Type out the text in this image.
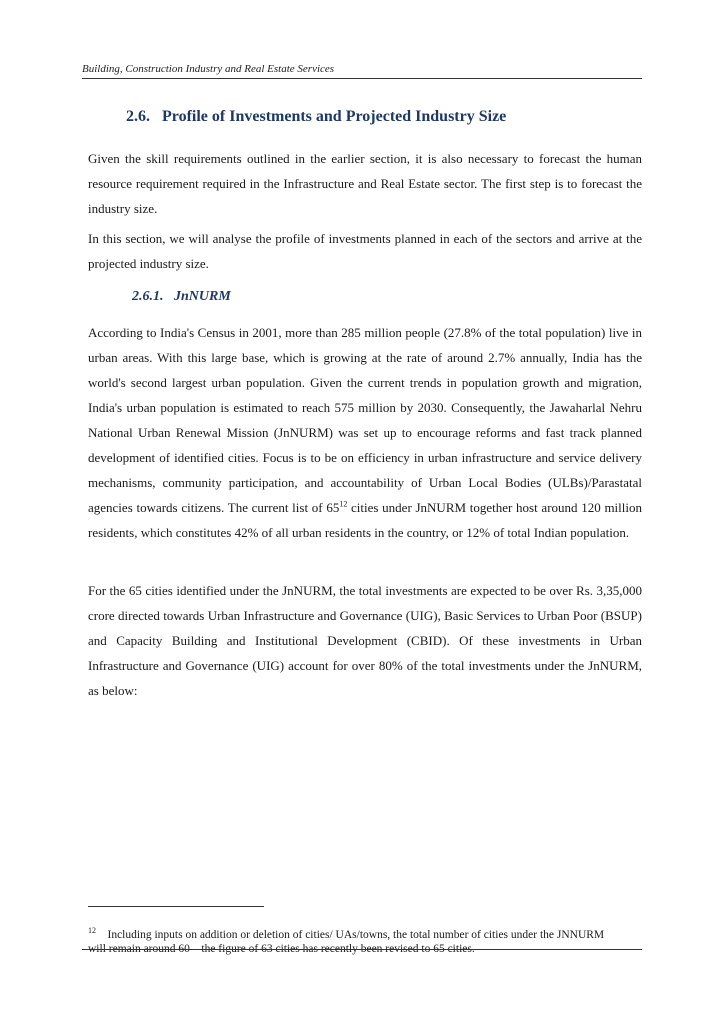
Building, Construction Industry and Real Estate Services
2.6. Profile of Investments and Projected Industry Size

Given the skill requirements outlined in the earlier section, it is also necessary to forecast the human resource requirement required in the Infrastructure and Real Estate sector. The first step is to forecast the industry size.

In this section, we will analyse the profile of investments planned in each of the sectors and arrive at the projected industry size.

2.6.1. JnNURM

According to India's Census in 2001, more than 285 million people (27.8% of the total population) live in urban areas. With this large base, which is growing at the rate of around 2.7% annually, India has the world's second largest urban population. Given the current trends in population growth and migration, India's urban population is estimated to reach 575 million by 2030. Consequently, the Jawaharlal Nehru National Urban Renewal Mission (JnNURM) was set up to encourage reforms and fast track planned development of identified cities. Focus is to be on efficiency in urban infrastructure and service delivery mechanisms, community participation, and accountability of Urban Local Bodies (ULBs)/Parastatal agencies towards citizens. The current list of $65^{12}$ cities under JnNURM together host around 120 million residents, which constitutes 42% of all urban residents in the country, or 12% of total Indian population.

For the 65 cities identified under the JnNURM, the total investments are expected to be over Rs. 3,35,000 crore directed towards Urban Infrastructure and Governance (UIG), Basic Services to Urban Poor (BSUP) and Capacity Building and Institutional Development (CBID). Of these investments in Urban Infrastructure and Governance (UIG) account for over 80% of the total investments under the JnNURM, as below:

$^{12}$ Including inputs on addition or deletion of cities/ UAs/towns, the total number of cities under the JNNURM
will remain around 60 – the figure of 63 cities has recently been revised to 65 cities.
